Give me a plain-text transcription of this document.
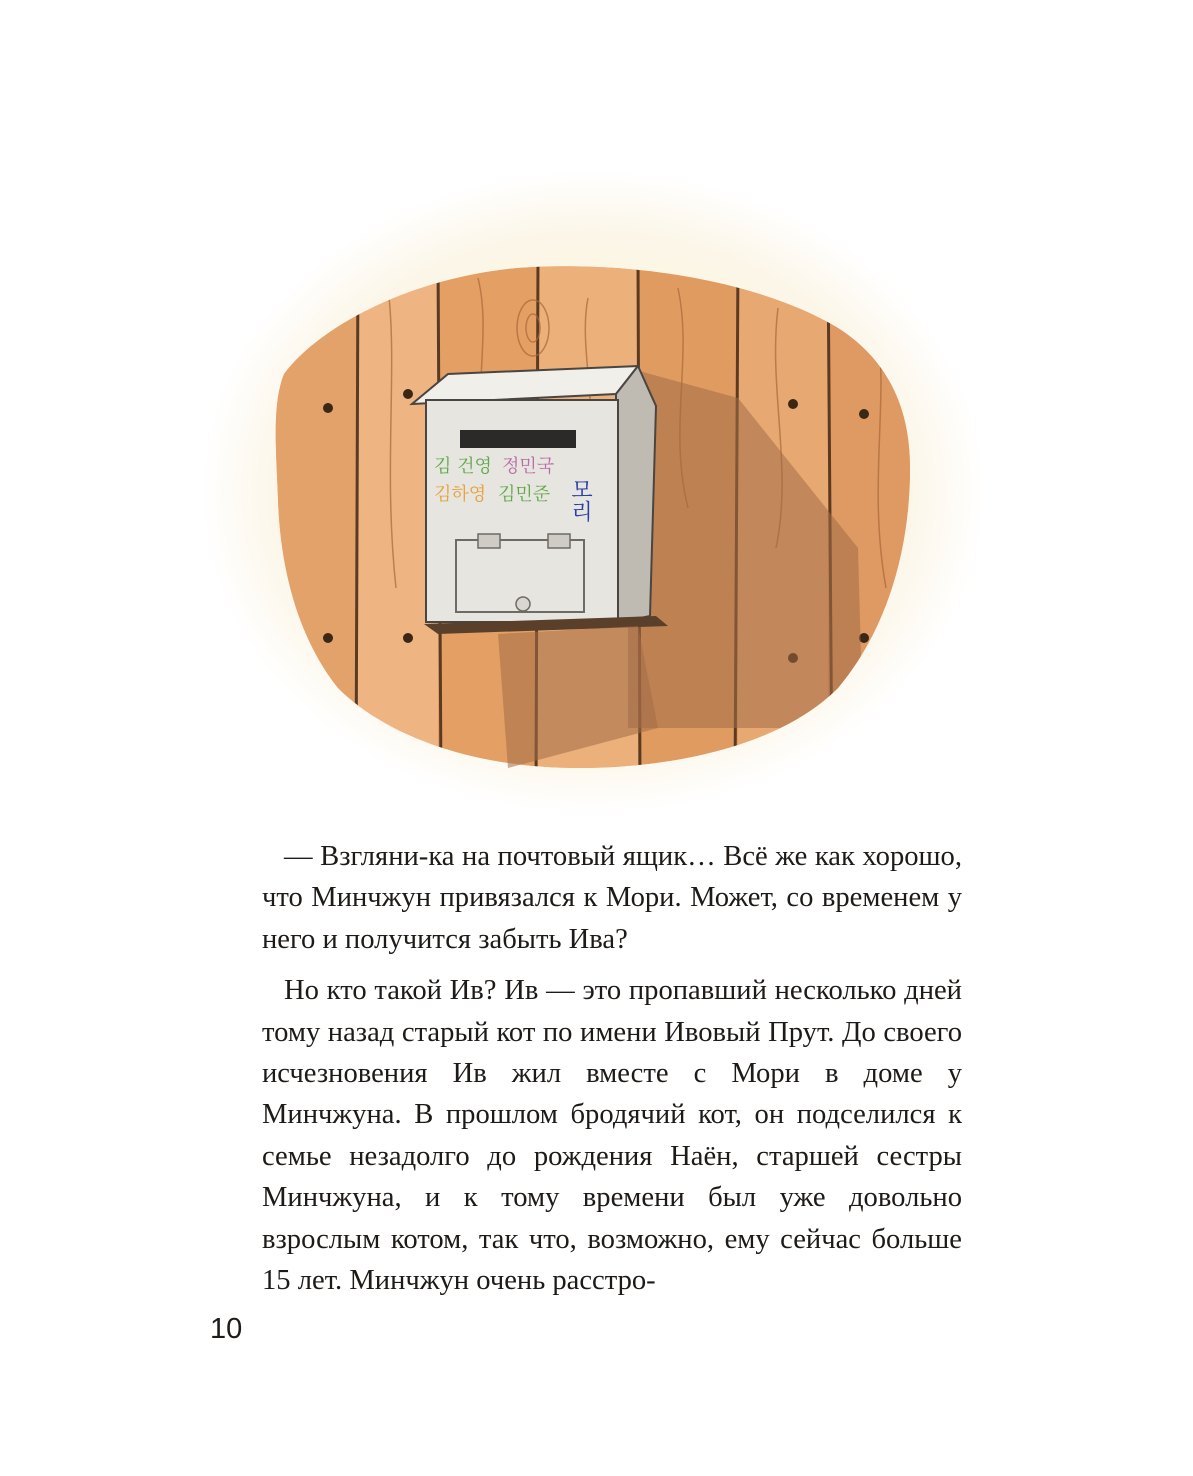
김 건영 정민국
김하영 김민준 모리

— Взгляни-ка на почтовый ящик… Всё же как хорошо, что Минчжун привязался к Мори. Может, со временем у него и получится забыть Ива?

Но кто такой Ив? Ив — это пропавший несколько дней тому назад старый кот по имени Ивовый Прут. До своего исчезновения Ив жил вместе с Мори в доме у Минчжуна. В прошлом бродячий кот, он подселился к семье незадолго до рождения Наён, старшей сестры Минчжуна, и к тому времени был уже довольно взрослым котом, так что, возможно, ему сейчас больше 15 лет. Минчжун очень расстро-

10
